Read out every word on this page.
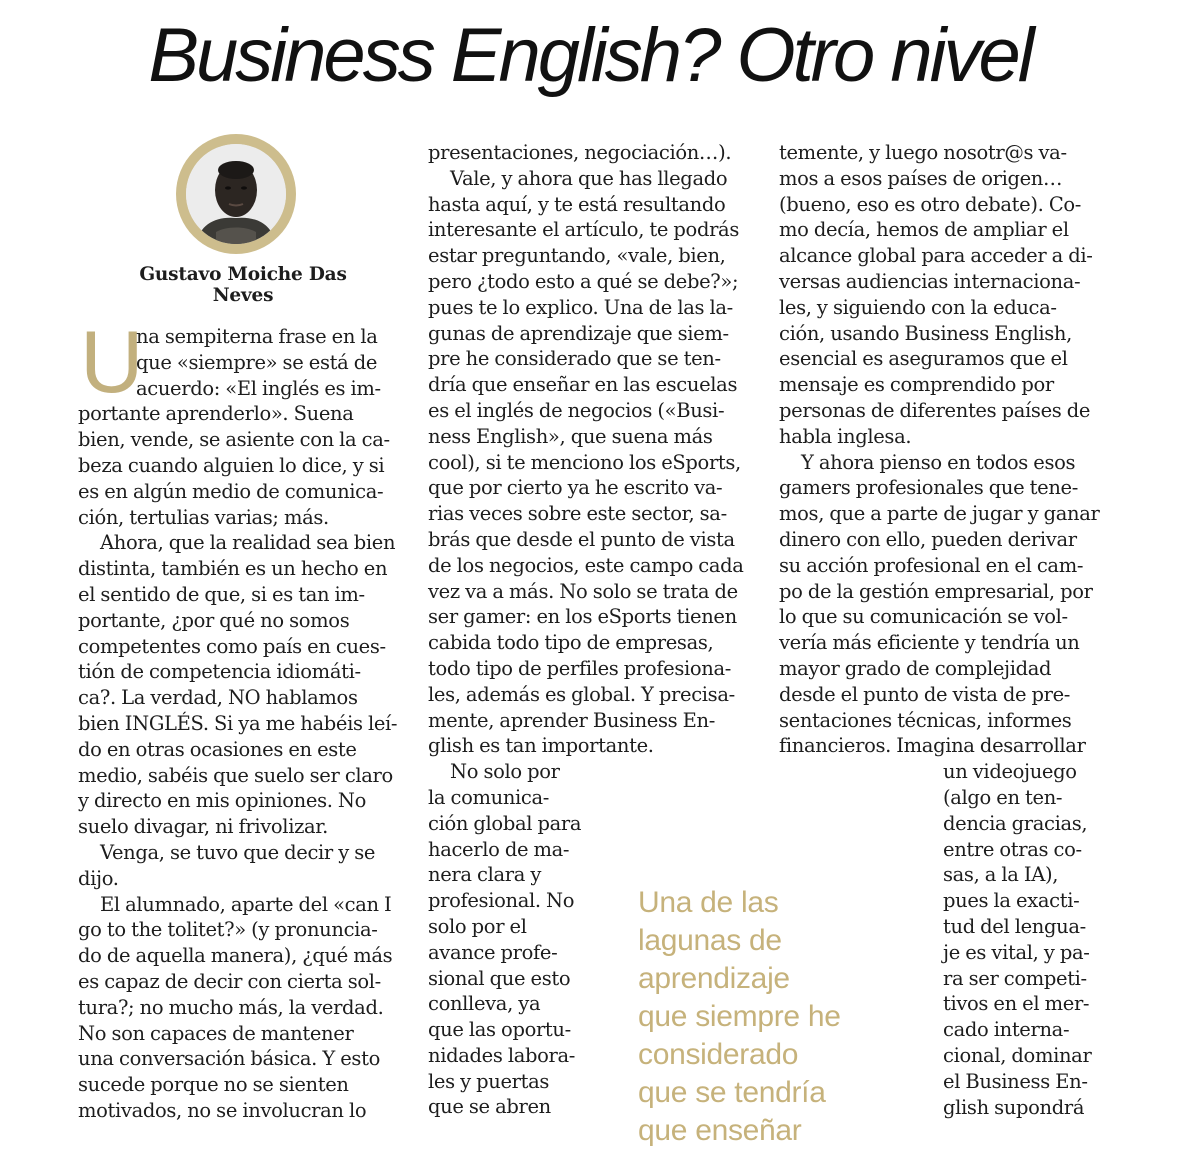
Business English? Otro nivel
Gustavo Moiche Das Neves
U
na sempiterna frase en la
que «siempre» se está de
acuerdo: «El inglés es im-
portante aprenderlo». Suena
bien, vende, se asiente con la ca-
beza cuando alguien lo dice, y si
es en algún medio de comunica-
ción, tertulias varias; más.
Ahora, que la realidad sea bien
distinta, también es un hecho en
el sentido de que, si es tan im-
portante, ¿por qué no somos
competentes como país en cues-
tión de competencia idiomáti-
ca?. La verdad, NO hablamos
bien INGLÉS. Si ya me habéis leí-
do en otras ocasiones en este
medio, sabéis que suelo ser claro
y directo en mis opiniones. No
suelo divagar, ni frivolizar.
Venga, se tuvo que decir y se
dijo.
El alumnado, aparte del «can I
go to the tolitet?» (y pronuncia-
do de aquella manera), ¿qué más
es capaz de decir con cierta sol-
tura?; no mucho más, la verdad.
No son capaces de mantener
una conversación básica. Y esto
sucede porque no se sienten
motivados, no se involucran lo
presentaciones, negociación…).
Vale, y ahora que has llegado
hasta aquí, y te está resultando
interesante el artículo, te podrás
estar preguntando, «vale, bien,
pero ¿todo esto a qué se debe?»;
pues te lo explico. Una de las la-
gunas de aprendizaje que siem-
pre he considerado que se ten-
dría que enseñar en las escuelas
es el inglés de negocios («Busi-
ness English», que suena más
cool), si te menciono los eSports,
que por cierto ya he escrito va-
rias veces sobre este sector, sa-
brás que desde el punto de vista
de los negocios, este campo cada
vez va a más. No solo se trata de
ser gamer: en los eSports tienen
cabida todo tipo de empresas,
todo tipo de perfiles profesiona-
les, además es global. Y precisa-
mente, aprender Business En-
glish es tan importante.
No solo por
la comunica-
ción global para
hacerlo de ma-
nera clara y
profesional. No
solo por el
avance profe-
sional que esto
conlleva, ya
que las oportu-
nidades labora-
les y puertas
que se abren
temente, y luego nosotr@s va-
mos a esos países de origen…
(bueno, eso es otro debate). Co-
mo decía, hemos de ampliar el
alcance global para acceder a di-
versas audiencias internaciona-
les, y siguiendo con la educa-
ción, usando Business English,
esencial es aseguramos que el
mensaje es comprendido por
personas de diferentes países de
habla inglesa.
Y ahora pienso en todos esos
gamers profesionales que tene-
mos, que a parte de jugar y ganar
dinero con ello, pueden derivar
su acción profesional en el cam-
po de la gestión empresarial, por
lo que su comunicación se vol-
vería más eficiente y tendría un
mayor grado de complejidad
desde el punto de vista de pre-
sentaciones técnicas, informes
financieros. Imagina desarrollar
un videojuego
(algo en ten-
dencia gracias,
entre otras co-
sas, a la IA),
pues la exacti-
tud del lengua-
je es vital, y pa-
ra ser competi-
tivos en el mer-
cado interna-
cional, dominar
el Business En-
glish supondrá
Una de las
lagunas de
aprendizaje
que siempre he
considerado
que se tendría
que enseñar
